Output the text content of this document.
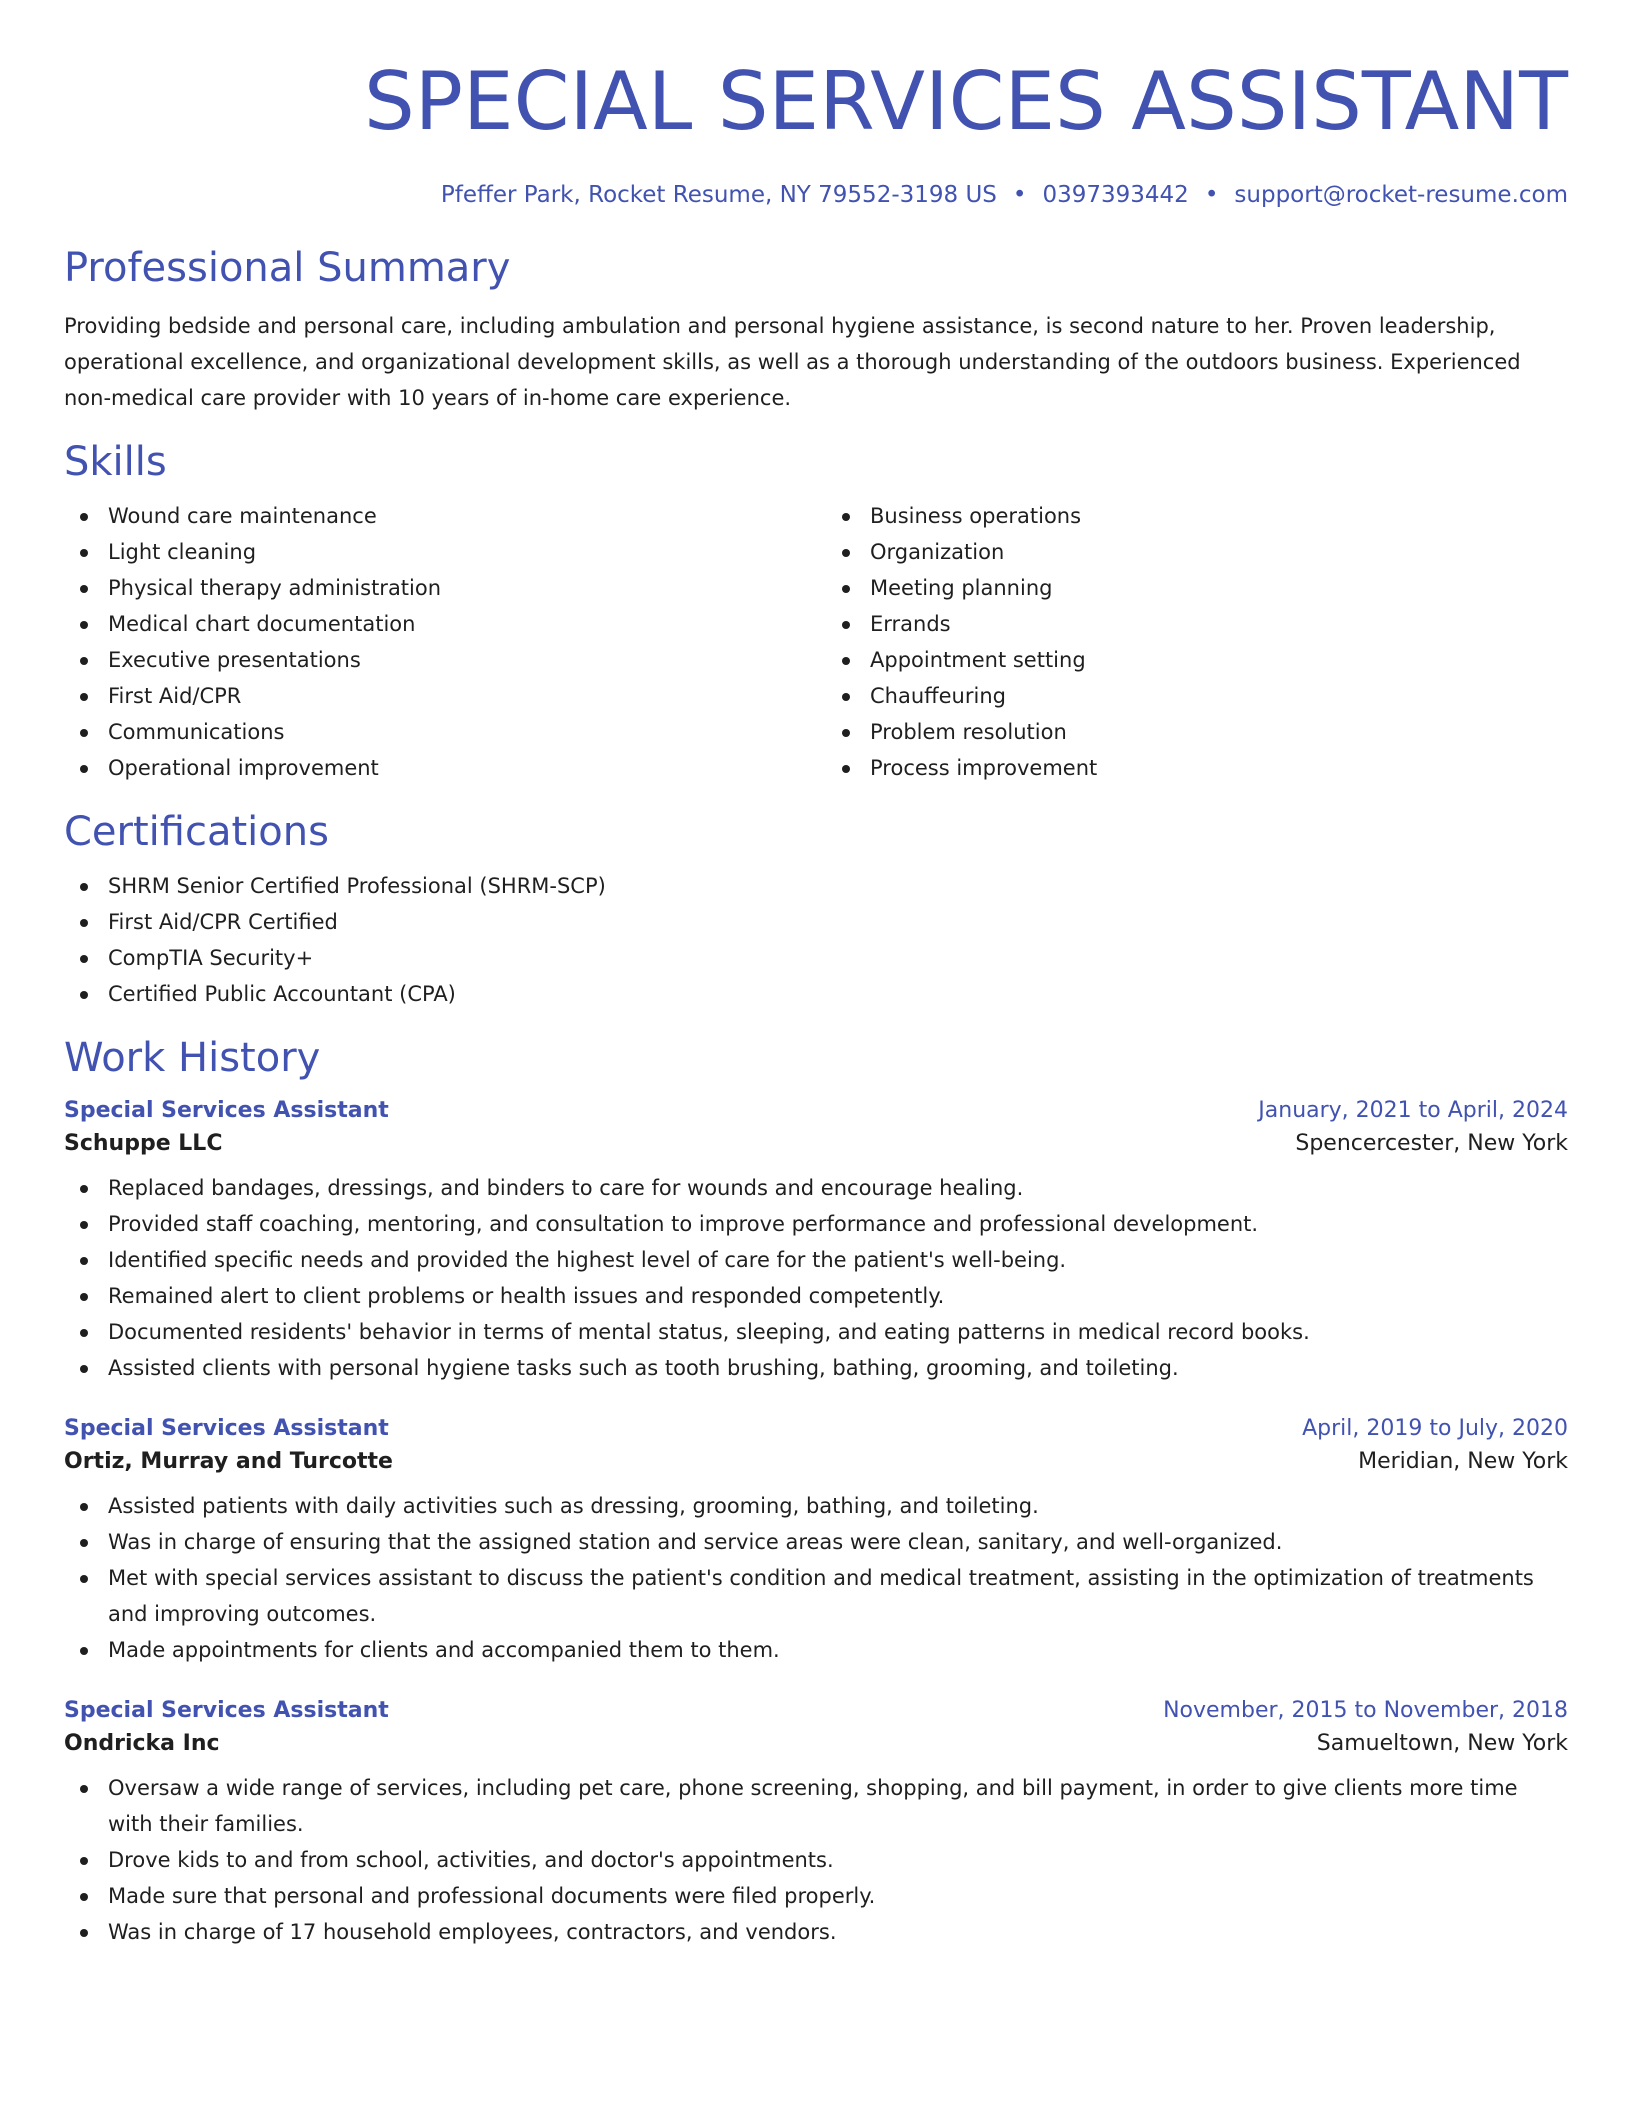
SPECIAL SERVICES ASSISTANT
Pfeffer Park, Rocket Resume, NY 79552-3198 US • 0397393442 • support@rocket-resume.com
Professional Summary

Providing bedside and personal care, including ambulation and personal hygiene assistance, is second nature to her. Proven leadership, operational excellence, and organizational development skills, as well as a thorough understanding of the outdoors business. Experienced non-medical care provider with 10 years of in-home care experience.

Skills
Wound care maintenance
Light cleaning
Physical therapy administration
Medical chart documentation
Executive presentations
First Aid/CPR
Communications
Operational improvement
Business operations
Organization
Meeting planning
Errands
Appointment setting
Chauffeuring
Problem resolution
Process improvement
Certifications
SHRM Senior Certified Professional (SHRM-SCP)
First Aid/CPR Certified
CompTIA Security+
Certified Public Accountant (CPA)
Work History
Special Services Assistant	January, 2021 to April, 2024
Schuppe LLC	Spencercester, New York
Replaced bandages, dressings, and binders to care for wounds and encourage healing.
Provided staff coaching, mentoring, and consultation to improve performance and professional development.
Identified specific needs and provided the highest level of care for the patient's well-being.
Remained alert to client problems or health issues and responded competently.
Documented residents' behavior in terms of mental status, sleeping, and eating patterns in medical record books.
Assisted clients with personal hygiene tasks such as tooth brushing, bathing, grooming, and toileting.
Special Services Assistant	April, 2019 to July, 2020
Ortiz, Murray and Turcotte	Meridian, New York
Assisted patients with daily activities such as dressing, grooming, bathing, and toileting.
Was in charge of ensuring that the assigned station and service areas were clean, sanitary, and well-organized.
Met with special services assistant to discuss the patient's condition and medical treatment, assisting in the optimization of treatments and improving outcomes.
Made appointments for clients and accompanied them to them.
Special Services Assistant	November, 2015 to November, 2018
Ondricka Inc	Samueltown, New York
Oversaw a wide range of services, including pet care, phone screening, shopping, and bill payment, in order to give clients more time with their families.
Drove kids to and from school, activities, and doctor's appointments.
Made sure that personal and professional documents were filed properly.
Was in charge of 17 household employees, contractors, and vendors.
